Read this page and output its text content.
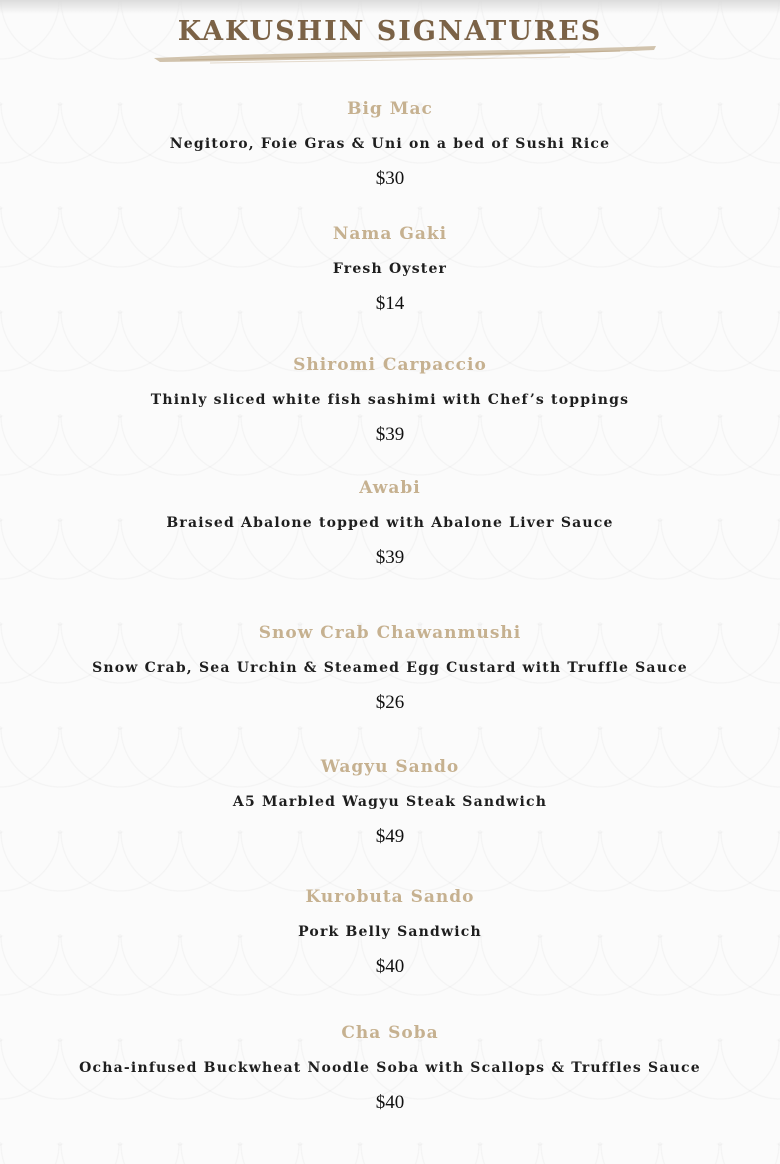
KAKUSHIN SIGNATURES
Big Mac
Negitoro, Foie Gras & Uni on a bed of Sushi Rice
$30
Nama Gaki
Fresh Oyster
$14
Shiromi Carpaccio
Thinly sliced white fish sashimi with Chef’s toppings
$39
Awabi
Braised Abalone topped with Abalone Liver Sauce
$39
Snow Crab Chawanmushi
Snow Crab, Sea Urchin & Steamed Egg Custard with Truffle Sauce
$26
Wagyu Sando
A5 Marbled Wagyu Steak Sandwich
$49
Kurobuta Sando
Pork Belly Sandwich
$40
Cha Soba
Ocha-infused Buckwheat Noodle Soba with Scallops & Truffles Sauce
$40
